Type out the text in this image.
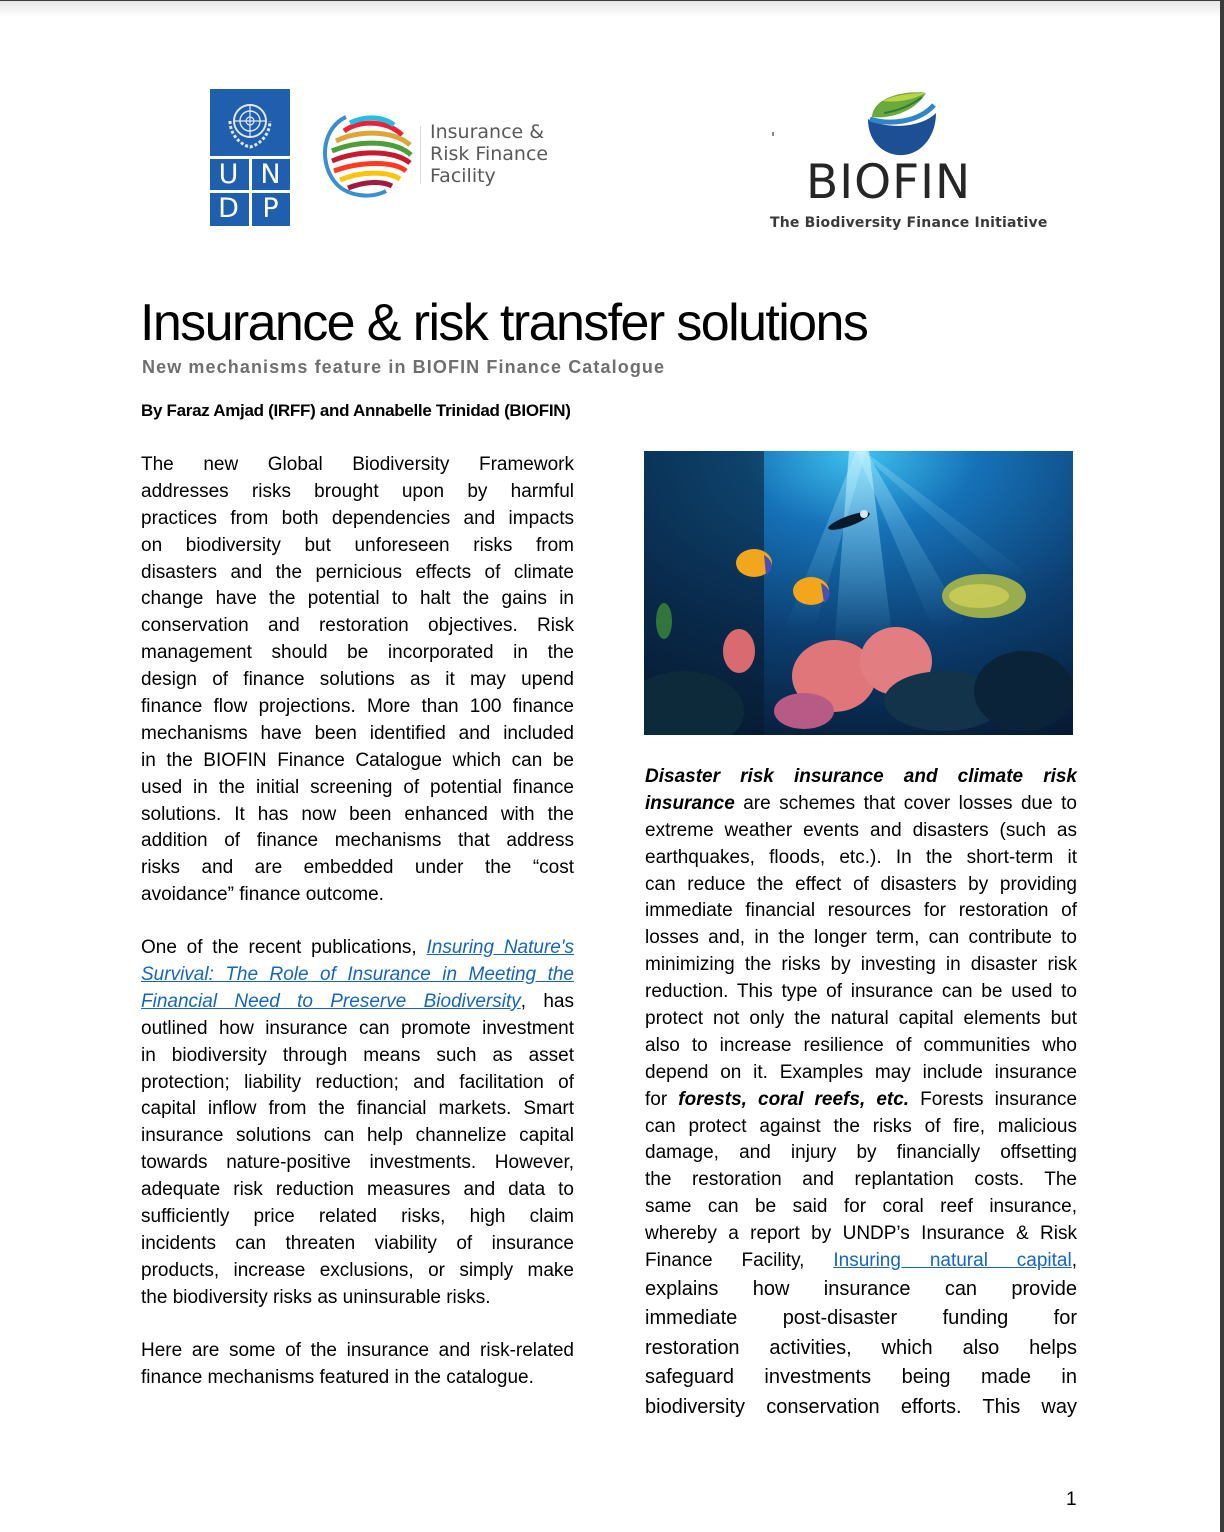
U N
D P
Insurance &
Risk Finance
Facility	BIOFIN
The Biodiversity Finance Initiative
Insurance & risk transfer solutions
New mechanisms feature in BIOFIN Finance Catalogue
By Faraz Amjad (IRFF) and Annabelle Trinidad (BIOFIN)

The new Global Biodiversity Framework
addresses risks brought upon by harmful
practices from both dependencies and impacts
on biodiversity but unforeseen risks from
disasters and the pernicious effects of climate
change have the potential to halt the gains in
conservation and restoration objectives. Risk
management should be incorporated in the
design of finance solutions as it may upend
finance flow projections. More than 100 finance
mechanisms have been identified and included
in the BIOFIN Finance Catalogue which can be
used in the initial screening of potential finance
solutions. It has now been enhanced with the
addition of finance mechanisms that address
risks and are embedded under the “cost
avoidance” finance outcome.

One of the recent publications, Insuring Nature's
Survival: The Role of Insurance in Meeting the
Financial Need to Preserve Biodiversity, has
outlined how insurance can promote investment
in biodiversity through means such as asset
protection; liability reduction; and facilitation of
capital inflow from the financial markets. Smart
insurance solutions can help channelize capital
towards nature-positive investments. However,
adequate risk reduction measures and data to
sufficiently price related risks, high claim
incidents can threaten viability of insurance
products, increase exclusions, or simply make
the biodiversity risks as uninsurable risks.

Here are some of the insurance and risk-related
finance mechanisms featured in the catalogue.

Disaster risk insurance and climate risk
insurance are schemes that cover losses due to
extreme weather events and disasters (such as
earthquakes, floods, etc.). In the short-term it
can reduce the effect of disasters by providing
immediate financial resources for restoration of
losses and, in the longer term, can contribute to
minimizing the risks by investing in disaster risk
reduction. This type of insurance can be used to
protect not only the natural capital elements but
also to increase resilience of communities who
depend on it. Examples may include insurance
for forests, coral reefs, etc. Forests insurance
can protect against the risks of fire, malicious
damage, and injury by financially offsetting
the restoration and replantation costs. The
same can be said for coral reef insurance,
whereby a report by UNDP’s Insurance & Risk
Finance Facility, Insuring natural capital,
explains how insurance can provide
immediate post-disaster funding for
restoration activities, which also helps
safeguard investments being made in
biodiversity conservation efforts. This way

1
